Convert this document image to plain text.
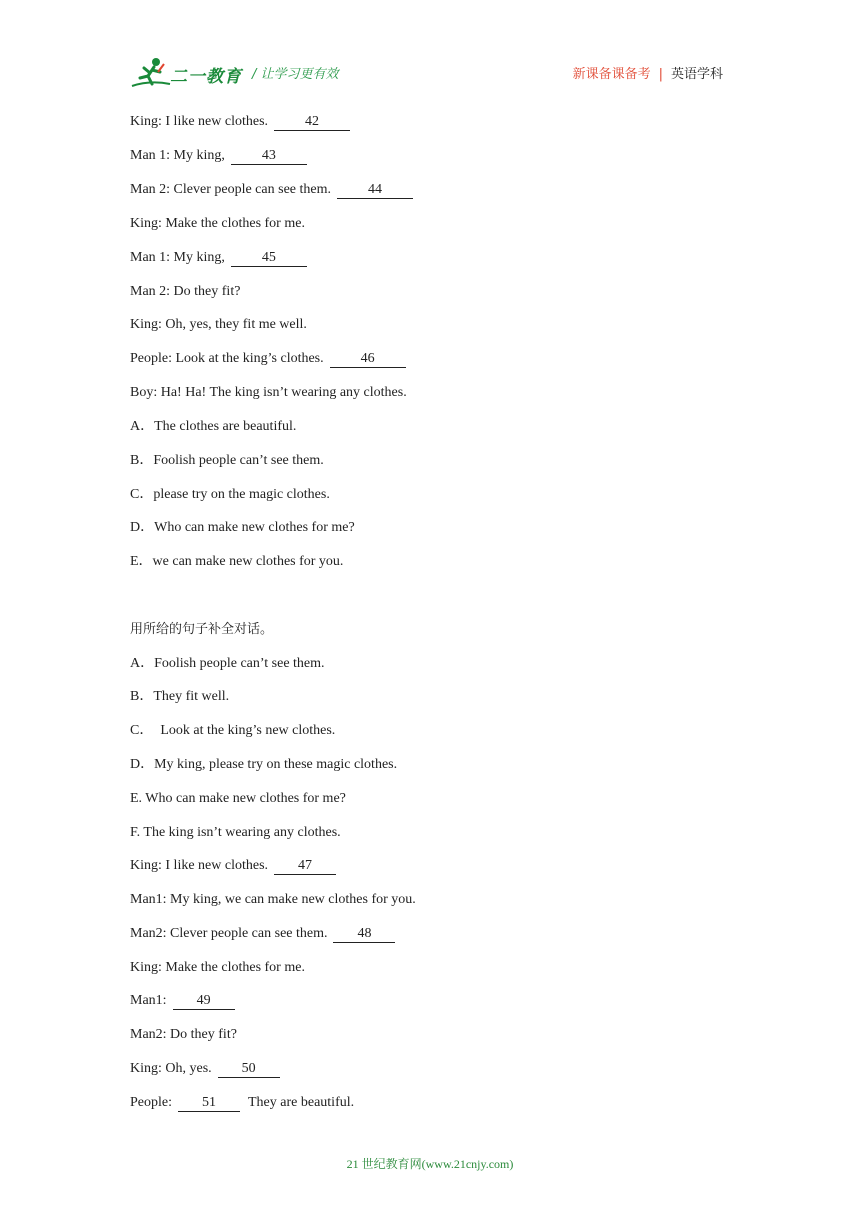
二一教育 / 让学习更有效	新课备课备考 | 英语学科
King: I like new clothes.	42
Man 1: My king,	43
Man 2: Clever people can see them.	44
King: Make the clothes for me.
Man 1: My king,	45
Man 2: Do they fit?
King: Oh, yes, they fit me well.
People: Look at the king’s clothes.	46
Boy: Ha! Ha! The king isn’t wearing any clothes.
A．The clothes are beautiful.
B．Foolish people can’t see them.
C．please try on the magic clothes.
D．Who can make new clothes for me?
E．we can make new clothes for you.
用所给的句子补全对话。
A．Foolish people can’t see them.
B．They fit well.
C．  Look at the king’s new clothes.
D．My king, please try on these magic clothes.
E. Who can make new clothes for me?
F. The king isn’t wearing any clothes.
King: I like new clothes. 47
Man1: My king, we can make new clothes for you.
Man2: Clever people can see them. 48
King: Make the clothes for me.
Man1: 49
Man2: Do they fit?
King: Oh, yes. 50
People: 51 They are beautiful.
21 世纪教育网(www.21cnjy.com)
